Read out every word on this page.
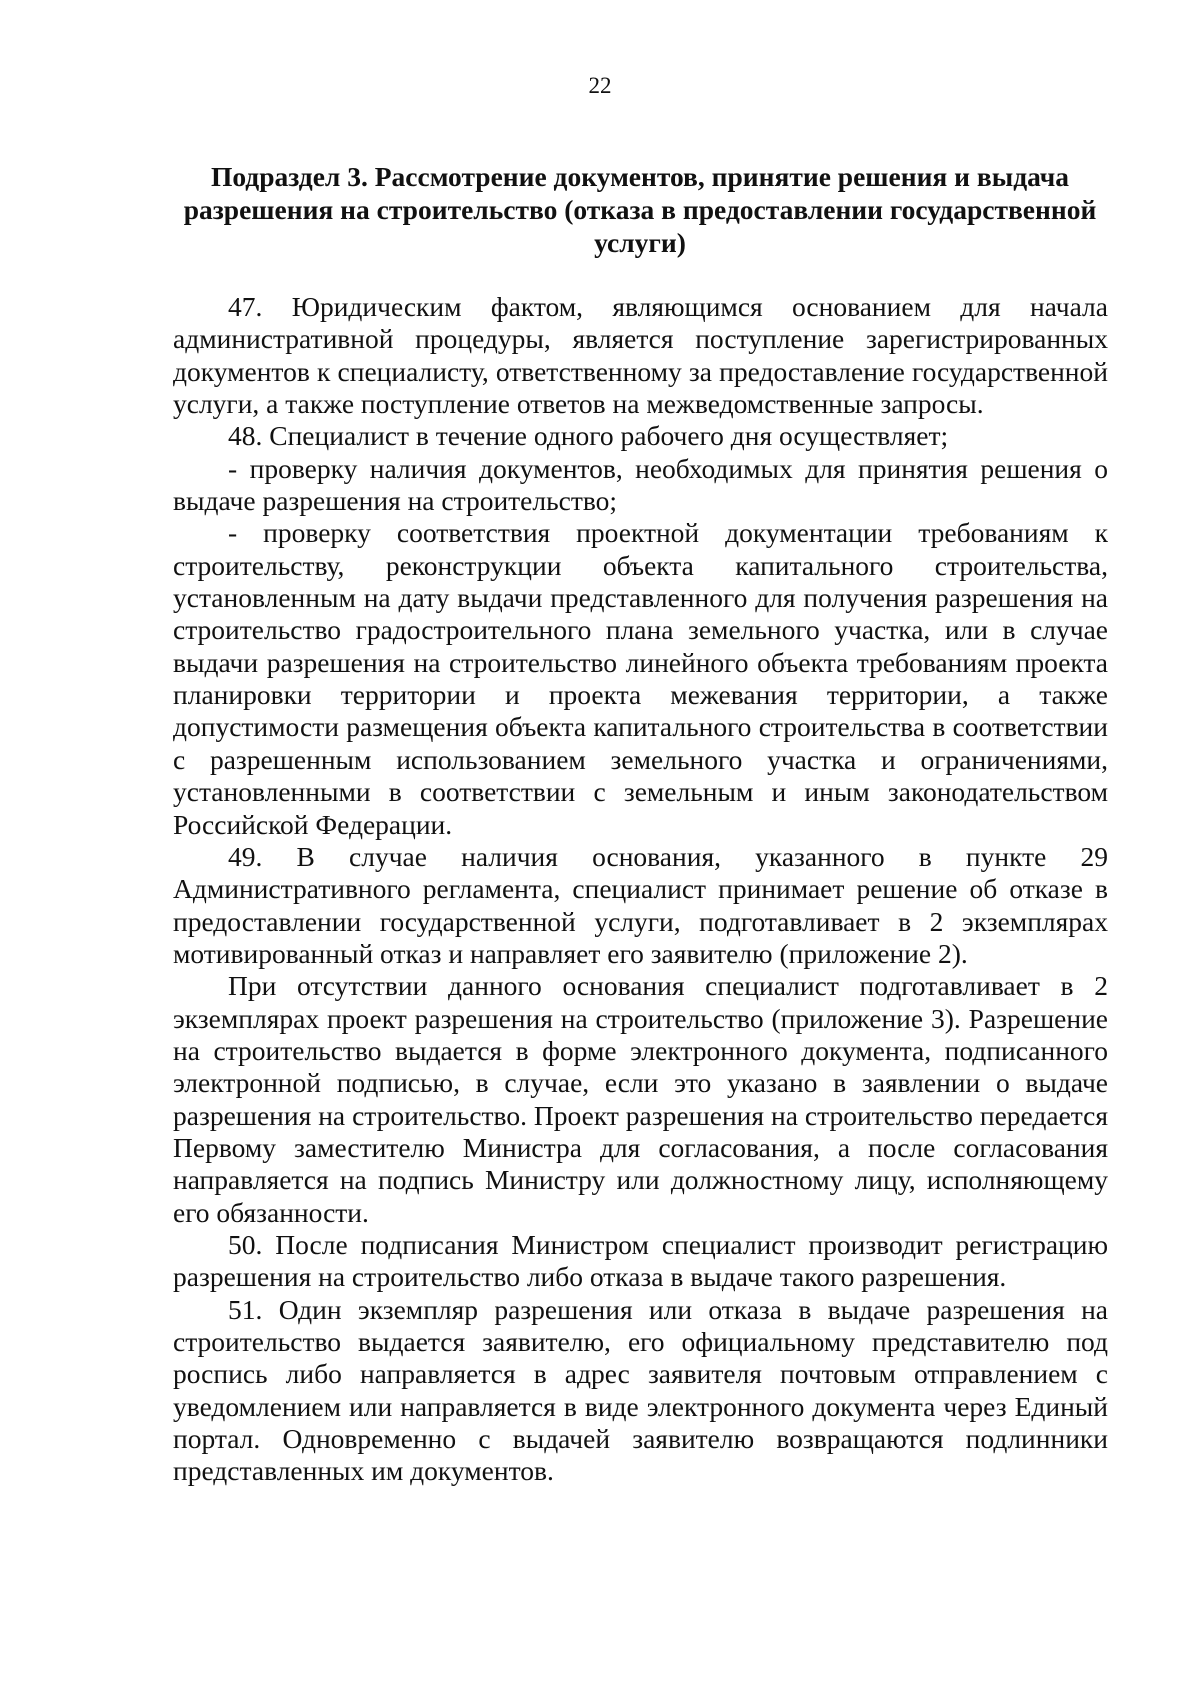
22
Подраздел 3. Рассмотрение документов, принятие решения и выдача разрешения на строительство (отказа в предоставлении государственной услуги)

47. Юридическим фактом, являющимся основанием для начала административной процедуры, является поступление зарегистрированных документов к специалисту, ответственному за предоставление государственной услуги, а также поступление ответов на межведомственные запросы.

48. Специалист в течение одного рабочего дня осуществляет;

- проверку наличия документов, необходимых для принятия решения о выдаче разрешения на строительство;

- проверку соответствия проектной документации требованиям к строительству, реконструкции объекта капитального строительства, установленным на дату выдачи представленного для получения разрешения на строительство градостроительного плана земельного участка, или в случае выдачи разрешения на строительство линейного объекта требованиям проекта планировки территории и проекта межевания территории, а также допустимости размещения объекта капитального строительства в соответствии с разрешенным использованием земельного участка и ограничениями, установленными в соответствии с земельным и иным законодательством Российской Федерации.

49. В случае наличия основания, указанного в пункте 29 Административного регламента, специалист принимает решение об отказе в предоставлении государственной услуги, подготавливает в 2 экземплярах мотивированный отказ и направляет его заявителю (приложение 2).

При отсутствии данного основания специалист подготавливает в 2 экземплярах проект разрешения на строительство (приложение 3). Разрешение на строительство выдается в форме электронного документа, подписанного электронной подписью, в случае, если это указано в заявлении о выдаче разрешения на строительство. Проект разрешения на строительство передается Первому заместителю Министра для согласования, а после согласования направляется на подпись Министру или должностному лицу, исполняющему его обязанности.

50. После подписания Министром специалист производит регистрацию разрешения на строительство либо отказа в выдаче такого разрешения.

51. Один экземпляр разрешения или отказа в выдаче разрешения на строительство выдается заявителю, его официальному представителю под роспись либо направляется в адрес заявителя почтовым отправлением с уведомлением или направляется в виде электронного документа через Единый портал. Одновременно с выдачей заявителю возвращаются подлинники представленных им документов.
